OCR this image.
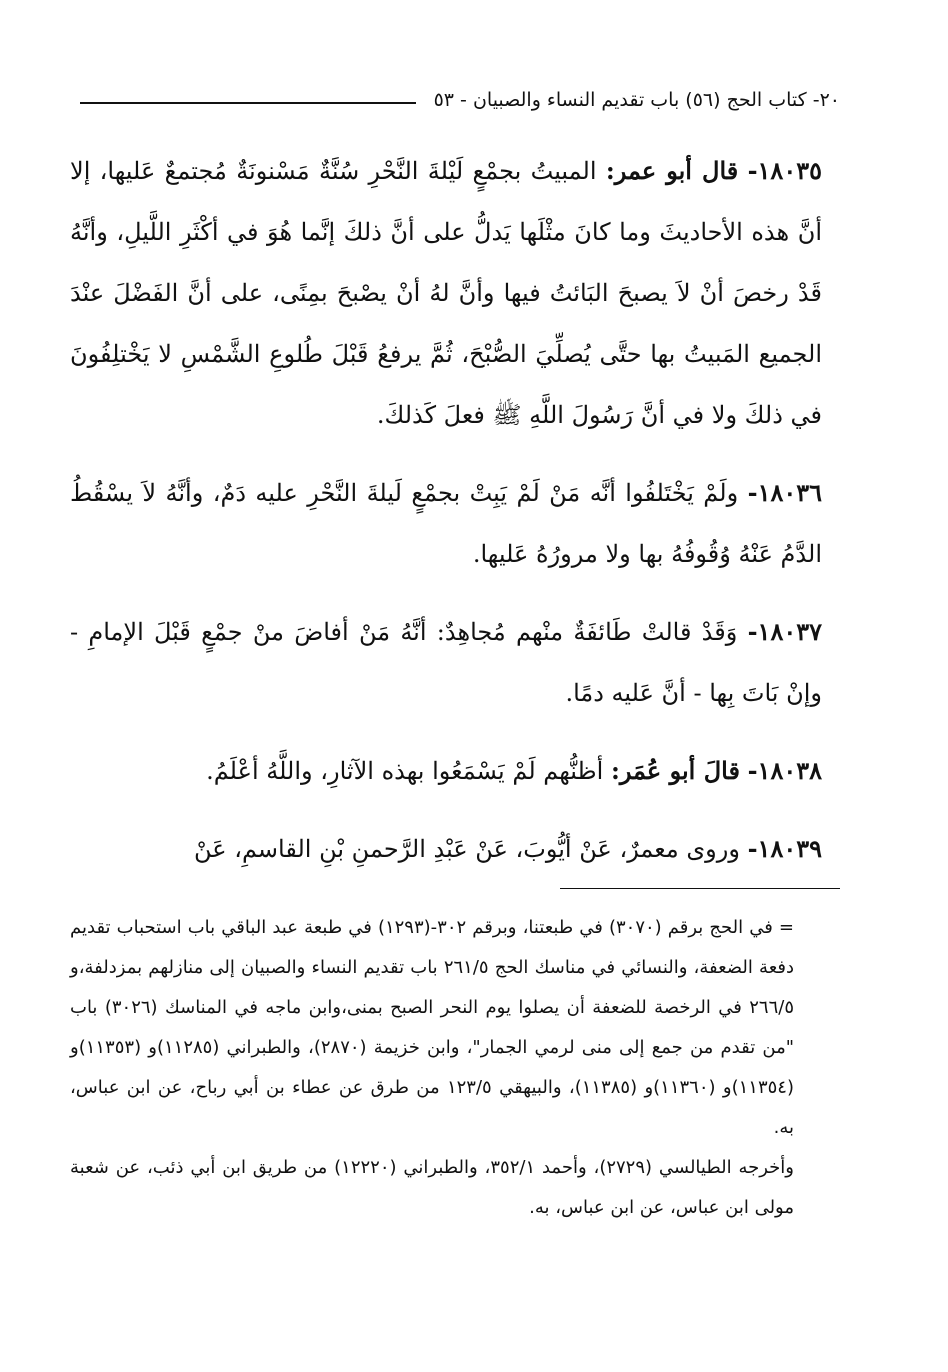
٢٠- كتاب الحج (٥٦) باب تقديم النساء والصبيان - ٥٣

١٨٠٣٥- قال أبو عمر: المبيتُ بجمْعٍ لَيْلةَ النَّحْرِ سُنَّةٌ مَسْنونَةٌ مُجتمعٌ عَليها، إلا أنَّ هذه الأحاديثَ وما كانَ مثْلَها يَدلُّ على أنَّ ذلكَ إنَّما هُوَ في أكْثَرِ اللَّيلِ، وأنَّهُ قَدْ رخصَ أنْ لاَ يصبحَ البَائتُ فيها وأنَّ لهُ أنْ يصْبحَ بمِنًى، على أنَّ الفَضْلَ عنْدَ الجميع المَبيتُ بها حتَّى يُصلِّيَ الصُّبْحَ، ثُمَّ يرفعُ قَبْلَ طُلوعِ الشَّمْسِ لا يَخْتلِفُونَ في ذلكَ ولا في أنَّ رَسُولَ اللَّهِ ﷺ فعلَ كَذلكَ.

١٨٠٣٦- ولَمْ يَخْتَلفُوا أنَّه مَنْ لَمْ يَبِتْ بجمْعٍ لَيلةَ النَّحْرِ عليه دَمٌ، وأنَّهُ لاَ يسْقُطُ الدَّمُ عَنْهُ وُقُوفُهُ بها ولا مرورُهُ عَليها.

١٨٠٣٧- وَقَدْ قالتْ طَائفَةٌ منْهم مُجاهِدٌ: أنَّهُ مَنْ أفاضَ منْ جمْعٍ قَبْلَ الإمامِ - وإنْ بَاتَ بِها - أنَّ عَليه دمًا.

١٨٠٣٨- قالَ أبو عُمَر: أظنُّهم لَمْ يَسْمَعُوا بهذه الآثارِ، واللَّهُ أعْلَمُ.

١٨٠٣٩- وروى معمرٌ، عَنْ أيُّوبَ، عَنْ عَبْدِ الرَّحمنِ بْنِ القاسمِ، عَنْ

= في الحج برقم (٣٠٧٠) في طبعتنا، وبرقم ٣٠٢-(١٢٩٣) في طبعة عبد الباقي باب استحباب تقديم دفعة الضعفة، والنسائي في مناسك الحج ٢٦١/٥ باب تقديم النساء والصبيان إلى منازلهم بمزدلفة،و ٢٦٦/٥ في الرخصة للضعفة أن يصلوا يوم النحر الصبح بمنى،وابن ماجه في المناسك (٣٠٢٦) باب "من تقدم من جمع إلى منى لرمي الجمار"، وابن خزيمة (٢٨٧٠)، والطبراني (١١٢٨٥)و (١١٣٥٣)و (١١٣٥٤)و (١١٣٦٠)و (١١٣٨٥)، والبيهقي ١٢٣/٥ من طرق عن عطاء بن أبي رباح، عن ابن عباس، به.

وأخرجه الطيالسي (٢٧٢٩)، وأحمد ٣٥٢/١، والطبراني (١٢٢٢٠) من طريق ابن أبي ذئب، عن شعبة مولى ابن عباس، عن ابن عباس، به.
